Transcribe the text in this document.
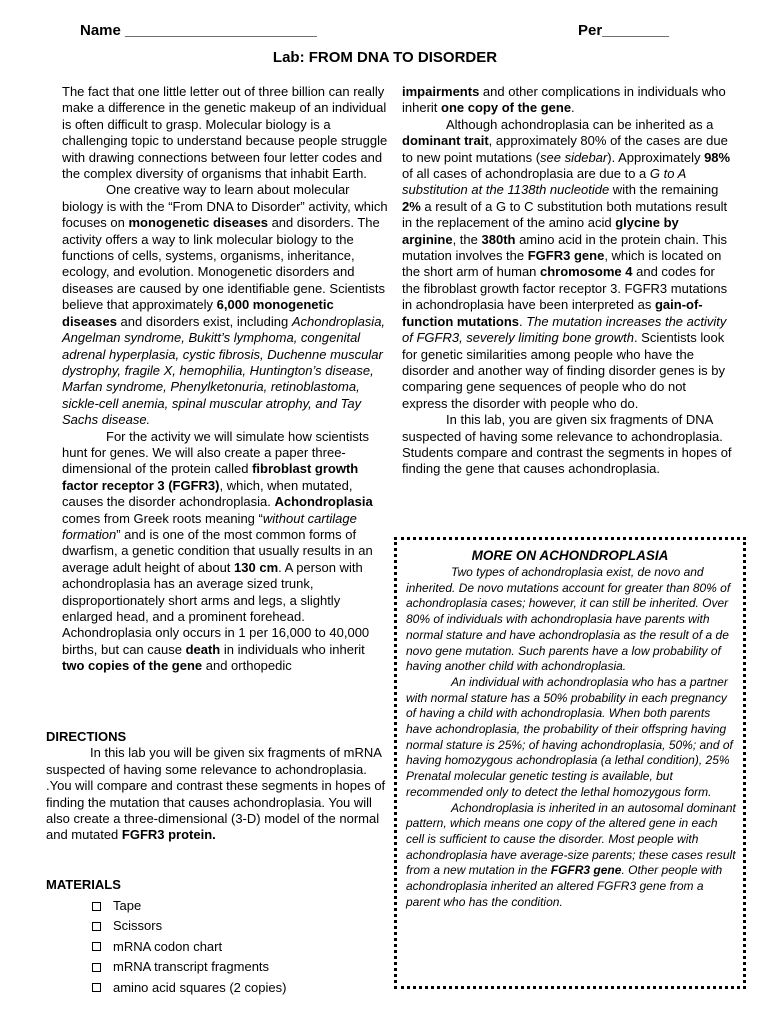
Name _______________________	Per________
Lab: FROM DNA TO DISORDER

The fact that one little letter out of three billion can really make a difference in the genetic makeup of an individual is often difficult to grasp. Molecular biology is a challenging topic to understand because people struggle with drawing connections between four letter codes and the complex diversity of organisms that inhabit Earth.

One creative way to learn about molecular biology is with the “From DNA to Disorder” activity, which focuses on monogenetic diseases and disorders. The activity offers a way to link molecular biology to the functions of cells, systems, organisms, inheritance, ecology, and evolution. Monogenetic disorders and diseases are caused by one identifiable gene. Scientists believe that approximately 6,000 monogenetic diseases and disorders exist, including Achondroplasia, Angelman syndrome, Bukitt’s lymphoma, congenital adrenal hyperplasia, cystic fibrosis, Duchenne muscular dystrophy, fragile X, hemophilia, Huntington’s disease, Marfan syndrome, Phenylketonuria, retinoblastoma, sickle-cell anemia, spinal muscular atrophy, and Tay Sachs disease.

For the activity we will simulate how scientists hunt for genes. We will also create a paper three-dimensional of the protein called fibroblast growth factor receptor 3 (FGFR3), which, when mutated, causes the disorder achondroplasia. Achondroplasia comes from Greek roots meaning “without cartilage formation” and is one of the most common forms of dwarfism, a genetic condition that usually results in an average adult height of about 130 cm. A person with achondroplasia has an average sized trunk, disproportionately short arms and legs, a slightly enlarged head, and a prominent forehead. Achondroplasia only occurs in 1 per 16,000 to 40,000 births, but can cause death in individuals who inherit two copies of the gene and orthopedic

impairments and other complications in individuals who inherit one copy of the gene.

Although achondroplasia can be inherited as a dominant trait, approximately 80% of the cases are due to new point mutations (see sidebar). Approximately 98% of all cases of achondroplasia are due to a G to A substitution at the 1138th nucleotide with the remaining 2% a result of a G to C substitution both mutations result in the replacement of the amino acid glycine by arginine, the 380th amino acid in the protein chain. This mutation involves the FGFR3 gene, which is located on the short arm of human chromosome 4 and codes for the fibroblast growth factor receptor 3. FGFR3 mutations in achondroplasia have been interpreted as gain-of-function mutations. The mutation increases the activity of FGFR3, severely limiting bone growth. Scientists look for genetic similarities among people who have the disorder and another way of finding disorder genes is by comparing gene sequences of people who do not express the disorder with people who do.

In this lab, you are given six fragments of DNA suspected of having some relevance to achondroplasia. Students compare and contrast the segments in hopes of finding the gene that causes achondroplasia.

DIRECTIONS

In this lab you will be given six fragments of mRNA suspected of having some relevance to achondroplasia. .You will compare and contrast these segments in hopes of finding the mutation that causes achondroplasia. You will also create a three-dimensional (3-D) model of the normal and mutated FGFR3 protein.

MATERIALS
Tape
Scissors
mRNA codon chart
mRNA transcript fragments
amino acid squares (2 copies)
MORE ON ACHONDROPLASIA

Two types of achondroplasia exist, de novo and inherited. De novo mutations account for greater than 80% of achondroplasia cases; however, it can still be inherited. Over 80% of individuals with achondroplasia have parents with normal stature and have achondroplasia as the result of a de novo gene mutation. Such parents have a low probability of having another child with achondroplasia.

An individual with achondroplasia who has a partner with normal stature has a 50% probability in each pregnancy of having a child with achondroplasia. When both parents have achondroplasia, the probability of their offspring having normal stature is 25%; of having achondroplasia, 50%; and of having homozygous achondroplasia (a lethal condition), 25% Prenatal molecular genetic testing is available, but recommended only to detect the lethal homozygous form.

Achondroplasia is inherited in an autosomal dominant pattern, which means one copy of the altered gene in each cell is sufficient to cause the disorder. Most people with achondroplasia have average-size parents; these cases result from a new mutation in the FGFR3 gene. Other people with achondroplasia inherited an altered FGFR3 gene from a parent who has the condition.
